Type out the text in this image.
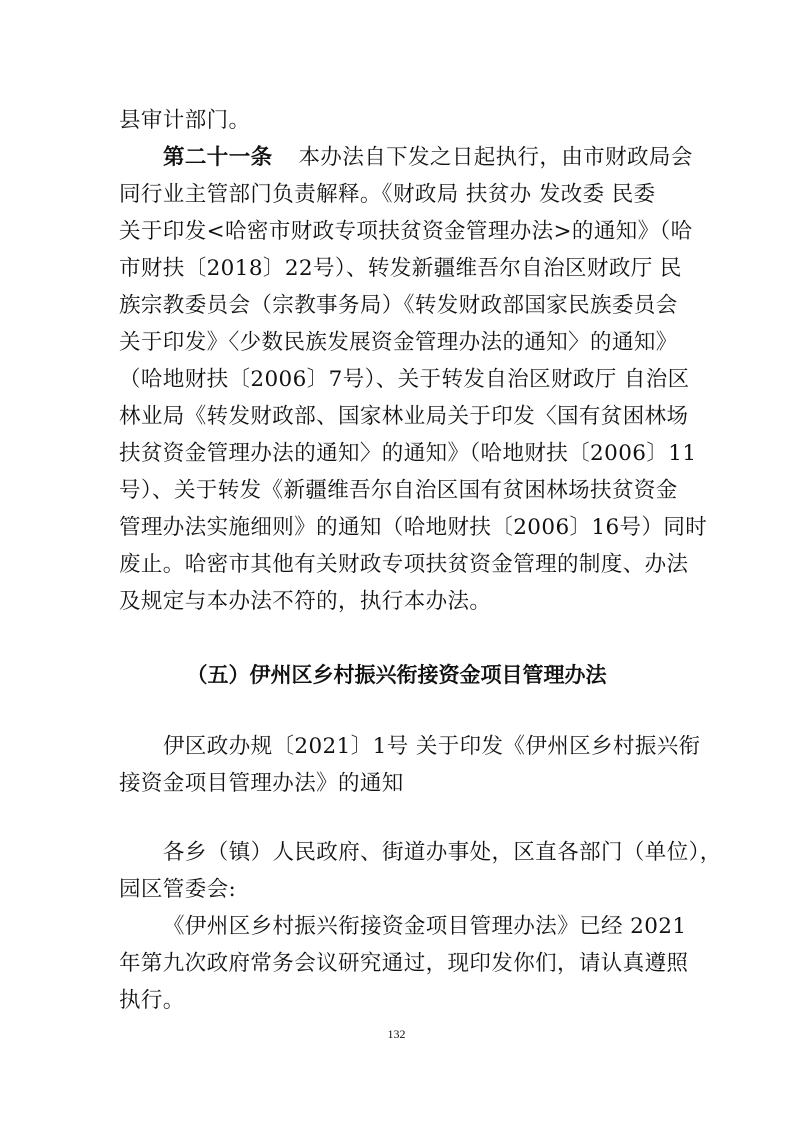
县审计部门。
第二十一条 本办法自下发之日起执行，由市财政局会
同行业主管部门负责解释。《财政局 扶贫办 发改委 民委
关于印发<哈密市财政专项扶贫资金管理办法>的通知》（哈
市财扶〔2018〕22号）、转发新疆维吾尔自治区财政厅 民
族宗教委员会（宗教事务局）《转发财政部国家民族委员会
关于印发》〈少数民族发展资金管理办法的通知〉的通知》
（哈地财扶〔2006〕7号）、关于转发自治区财政厅 自治区
林业局《转发财政部、国家林业局关于印发〈国有贫困林场
扶贫资金管理办法的通知〉的通知》（哈地财扶〔2006〕11
号）、关于转发《新疆维吾尔自治区国有贫困林场扶贫资金
管理办法实施细则》的通知（哈地财扶〔2006〕16号）同时
废止。哈密市其他有关财政专项扶贫资金管理的制度、办法
及规定与本办法不符的，执行本办法。
（五）伊州区乡村振兴衔接资金项目管理办法
伊区政办规〔2021〕1号 关于印发《伊州区乡村振兴衔
接资金项目管理办法》的通知
各乡（镇）人民政府、街道办事处，区直各部门（单位），
园区管委会:
《伊州区乡村振兴衔接资金项目管理办法》已经 2021
年第九次政府常务会议研究通过，现印发你们，请认真遵照
执行。
132
